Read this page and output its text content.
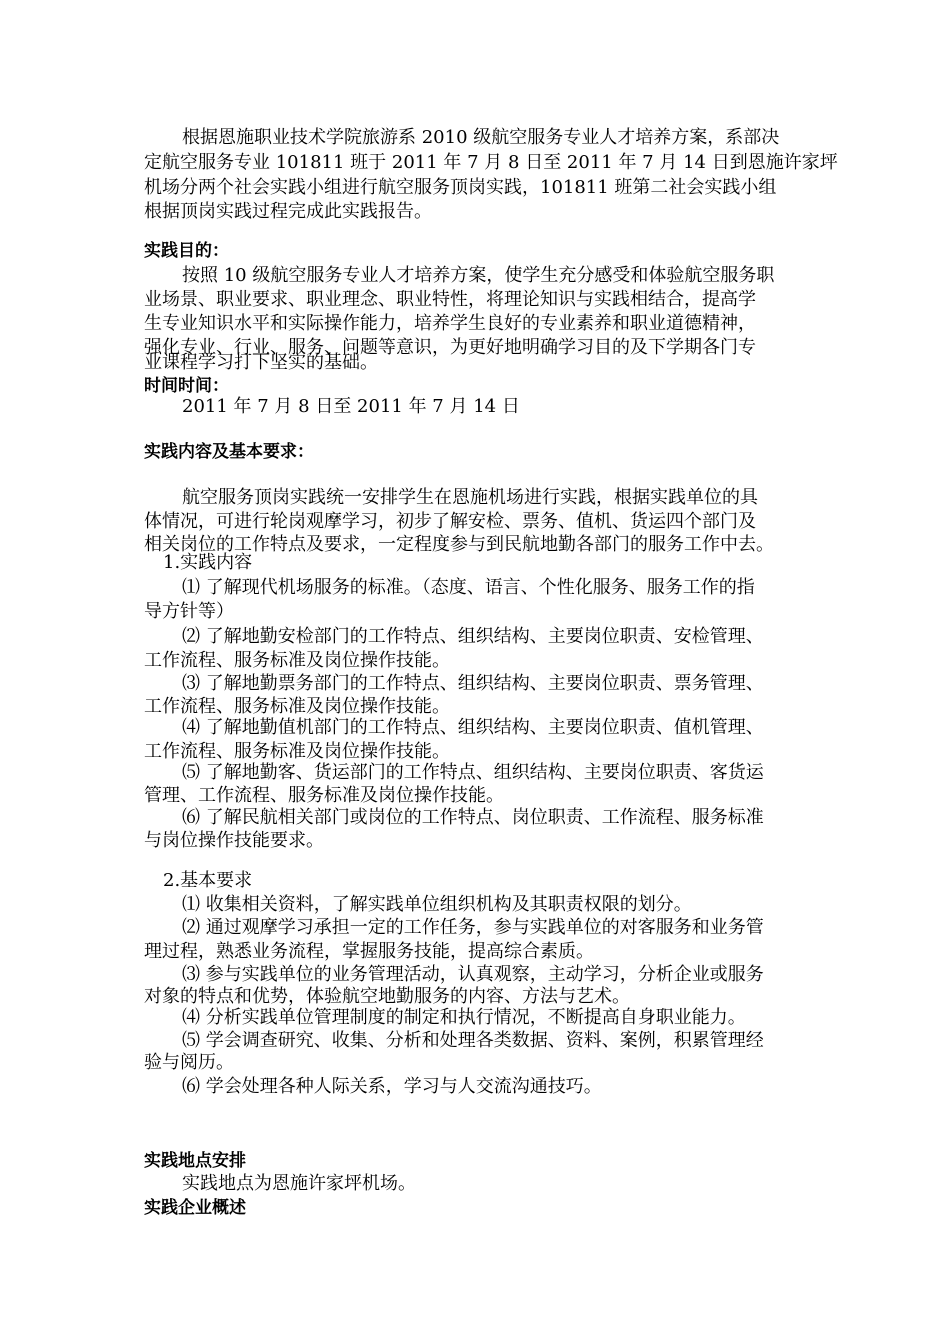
根据恩施职业技术学院旅游系 2010 级航空服务专业人才培养方案，系部决
定航空服务专业 101811 班于 2011 年 7 月 8 日至 2011 年 7 月 14 日到恩施许家坪
机场分两个社会实践小组进行航空服务顶岗实践，101811 班第二社会实践小组
根据顶岗实践过程完成此实践报告。
实践目的：
按照 10 级航空服务专业人才培养方案，使学生充分感受和体验航空服务职
业场景、职业要求、职业理念、职业特性，将理论知识与实践相结合，提高学
生专业知识水平和实际操作能力，培养学生良好的专业素养和职业道德精神，
强化专业、行业、服务、问题等意识，为更好地明确学习目的及下学期各门专
业课程学习打下坚实的基础。
时间时间：
2011 年 7 月 8 日至 2011 年 7 月 14 日
实践内容及基本要求：
航空服务顶岗实践统一安排学生在恩施机场进行实践，根据实践单位的具
体情况，可进行轮岗观摩学习，初步了解安检、票务、值机、货运四个部门及
相关岗位的工作特点及要求，一定程度参与到民航地勤各部门的服务工作中去。
1.实践内容
⑴ 了解现代机场服务的标准。（态度、语言、个性化服务、服务工作的指
导方针等）
⑵ 了解地勤安检部门的工作特点、组织结构、主要岗位职责、安检管理、
工作流程、服务标准及岗位操作技能。
⑶ 了解地勤票务部门的工作特点、组织结构、主要岗位职责、票务管理、
工作流程、服务标准及岗位操作技能。
⑷ 了解地勤值机部门的工作特点、组织结构、主要岗位职责、值机管理、
工作流程、服务标准及岗位操作技能。
⑸ 了解地勤客、货运部门的工作特点、组织结构、主要岗位职责、客货运
管理、工作流程、服务标准及岗位操作技能。
⑹ 了解民航相关部门或岗位的工作特点、岗位职责、工作流程、服务标准
与岗位操作技能要求。
2.基本要求
⑴ 收集相关资料，了解实践单位组织机构及其职责权限的划分。
⑵ 通过观摩学习承担一定的工作任务，参与实践单位的对客服务和业务管
理过程，熟悉业务流程，掌握服务技能，提高综合素质。
⑶ 参与实践单位的业务管理活动，认真观察，主动学习，分析企业或服务
对象的特点和优势，体验航空地勤服务的内容、方法与艺术。
⑷ 分析实践单位管理制度的制定和执行情况，不断提高自身职业能力。
⑸ 学会调查研究、收集、分析和处理各类数据、资料、案例，积累管理经
验与阅历。
⑹ 学会处理各种人际关系，学习与人交流沟通技巧。
实践地点安排
实践地点为恩施许家坪机场。
实践企业概述
